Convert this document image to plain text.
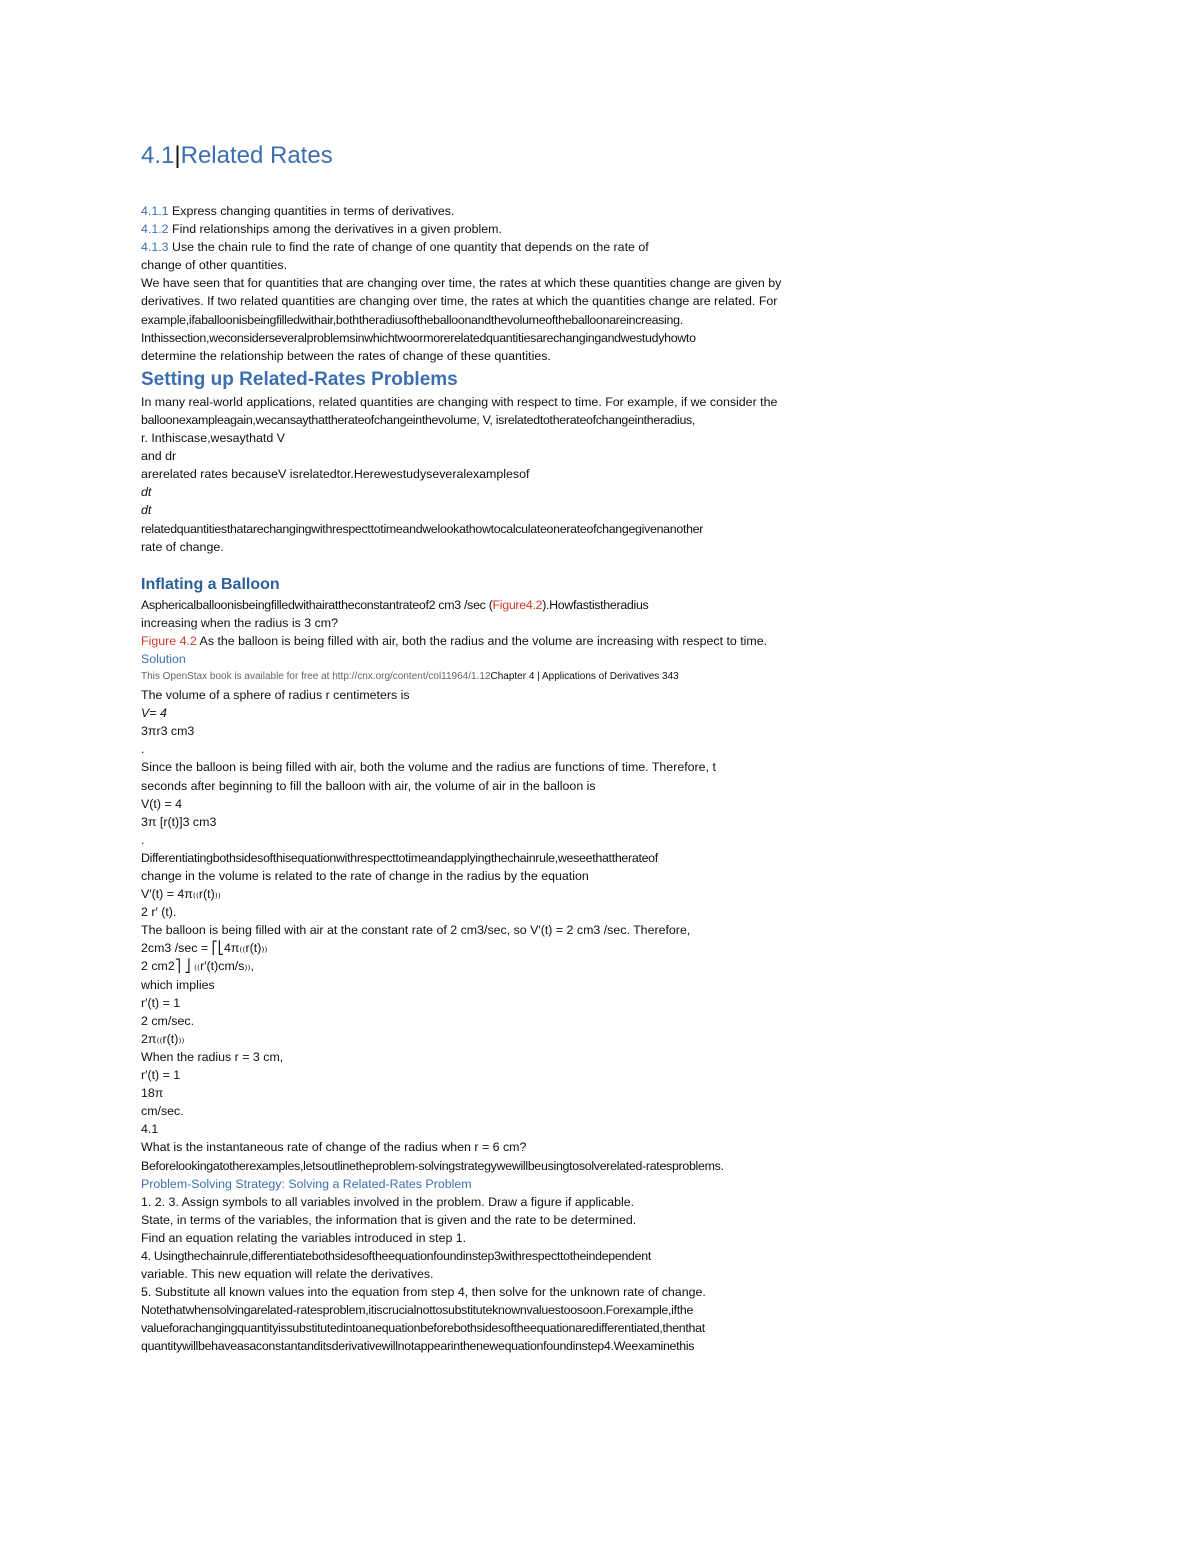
4.1|Related Rates
4.1.1 Express changing quantities in terms of derivatives.
4.1.2 Find relationships among the derivatives in a given problem.
4.1.3 Use the chain rule to find the rate of change of one quantity that depends on the rate of
change of other quantities.
We have seen that for quantities that are changing over time, the rates at which these quantities change are given by
derivatives. If two related quantities are changing over time, the rates at which the quantities change are related. For
example,ifaballoonisbeingfilledwithair,boththeradiusoftheballoonandthevolumeoftheballoonareincreasing.
Inthissection,weconsiderseveralproblemsinwhichtwoormorerelatedquantitiesarechangingandwestudyhowto
determine the relationship between the rates of change of these quantities.
Setting up Related-Rates Problems
In many real-world applications, related quantities are changing with respect to time. For example, if we consider the
balloonexampleagain,wecansaythattherateofchangeinthevolume, V, isrelatedtotherateofchangeintheradius,
r. Inthiscase,wesaythatd V
and dr
arerelated rates becauseV isrelatedtor.Herewestudyseveralexamplesof
dt
dt
relatedquantitiesthatarechangingwithrespecttotimeandwelookathowtocalculateonerateofchangegivenanother
rate of change.
Inflating a Balloon
Asphericalballoonisbeingfilledwithairattheconstantrateof2 cm3 /sec (Figure4.2).Howfastistheradius
increasing when the radius is 3 cm?
Figure 4.2 As the balloon is being filled with air, both the radius and the volume are increasing with respect to time.
Solution
This OpenStax book is available for free at http://cnx.org/content/col11964/1.12Chapter 4 | Applications of Derivatives 343
The volume of a sphere of radius r centimeters is
V= 4
3πr3 cm3
.
Since the balloon is being filled with air, both the volume and the radius are functions of time. Therefore, t
seconds after beginning to fill the balloon with air, the volume of air in the balloon is
V(t) = 4
3π [r(t)]3 cm3
.
Differentiatingbothsidesofthisequationwithrespecttotimeandapplyingthechainrule,weseethattherateof
change in the volume is related to the rate of change in the radius by the equation
V′(t) = 4π₍₍r(t)₎₎
2 r′ (t).
The balloon is being filled with air at the constant rate of 2 cm3/sec, so V′(t) = 2 cm3 /sec. Therefore,
2cm3 /sec = ⎡⎣4π₍₍r(t)₎₎
2 cm2⎤ ⎦ ₍₍r′(t)cm/s₎₎,
which implies
r′(t) = 1
2 cm/sec.
2π₍₍r(t)₎₎
When the radius r = 3 cm,
r′(t) = 1
18π
cm/sec.
4.1
What is the instantaneous rate of change of the radius when r = 6 cm?
Beforelookingatotherexamples,letsoutlinetheproblem-solvingstrategywewillbeusingtosolverelated-ratesproblems.
Problem-Solving Strategy: Solving a Related-Rates Problem
1. 2. 3. Assign symbols to all variables involved in the problem. Draw a figure if applicable.
State, in terms of the variables, the information that is given and the rate to be determined.
Find an equation relating the variables introduced in step 1.
4. Usingthechainrule,differentiatebothsidesoftheequationfoundinstep3withrespecttotheindependent
variable. This new equation will relate the derivatives.
5. Substitute all known values into the equation from step 4, then solve for the unknown rate of change.
Notethatwhensolvingarelated-ratesproblem,itiscrucialnottosubstituteknownvaluestoosoon.Forexample,ifthe
valueforachangingquantityissubstitutedintoanequationbeforebothsidesoftheequationaredifferentiated,thenthat
quantitywillbehaveasaconstantanditsderivativewillnotappearinthenewequationfoundinstep4.Weexaminethis
